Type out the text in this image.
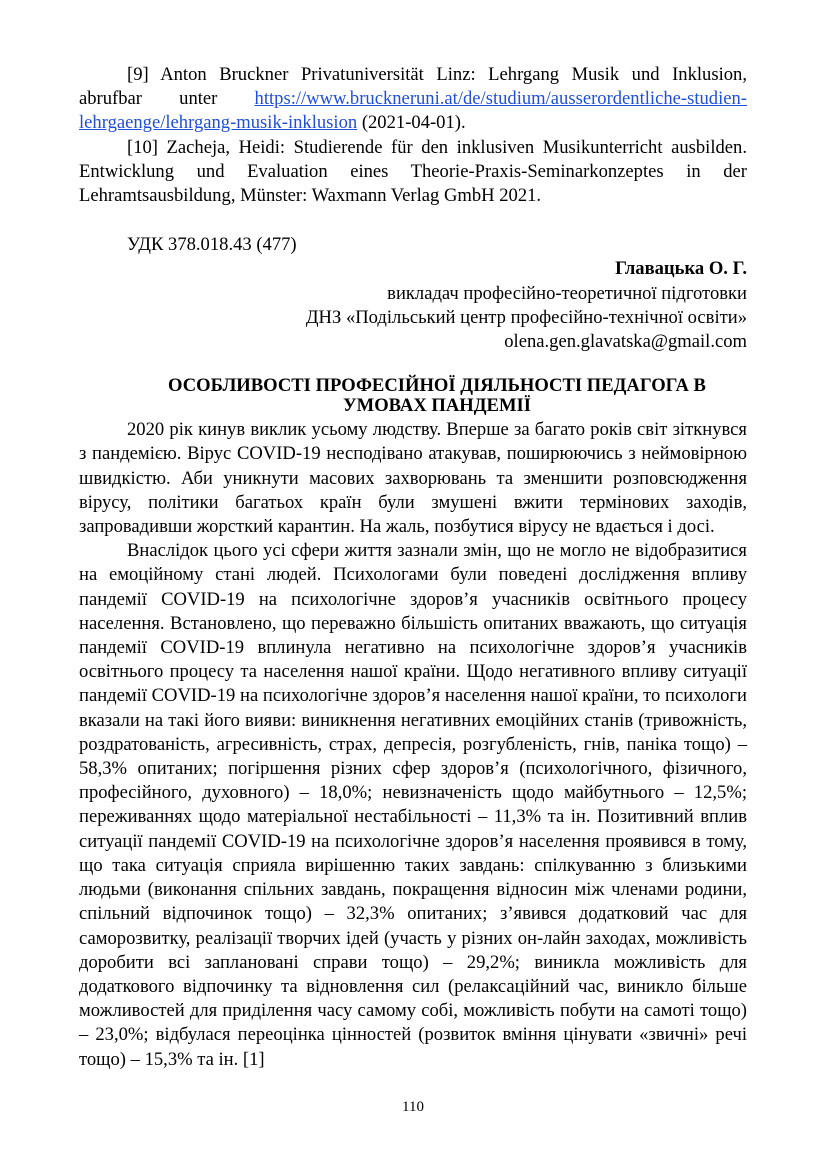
[9] Anton Bruckner Privatuniversität Linz: Lehrgang Musik und Inklusion, abrufbar unter https://www.bruckneruni.at/de/studium/ausserordentliche-studien-lehrgaenge/lehrgang-musik-inklusion (2021-04-01).

[10] Zacheja, Heidi: Studierende für den inklusiven Musikunterricht ausbilden. Entwicklung und Evaluation eines Theorie-Praxis-Seminarkonzeptes in der Lehramtsausbildung, Münster: Waxmann Verlag GmbH 2021.

УДК 378.018.43 (477)
Главацька О. Г.
викладач професійно-теоретичної підготовки
ДНЗ «Подільський центр професійно-технічної освіти»
olena.gen.glavatska@gmail.com
ОСОБЛИВОСТІ ПРОФЕСІЙНОЇ ДІЯЛЬНОСТІ ПЕДАГОГА В
УМОВАХ ПАНДЕМІЇ

2020 рік кинув виклик усьому людству. Вперше за багато років світ зіткнувся з пандемією. Вірус COVID-19 несподівано атакував, поширюючись з неймовірною швидкістю. Аби уникнути масових захворювань та зменшити розповсюдження вірусу, політики багатьох країн були змушені вжити термінових заходів, запровадивши жорсткий карантин. На жаль, позбутися вірусу не вдається і досі.

Внаслідок цього усі сфери життя зазнали змін, що не могло не відобразитися на емоційному стані людей. Психологами були поведені дослідження впливу пандемії COVID-19 на психологічне здоров’я учасників освітнього процесу населення. Встановлено, що переважно більшість опитаних вважають, що ситуація пандемії COVID-19 вплинула негативно на психологічне здоров’я учасників освітнього процесу та населення нашої країни. Щодо негативного впливу ситуації пандемії COVID-19 на психологічне здоров’я населення нашої країни, то психологи вказали на такі його вияви: виникнення негативних емоційних станів (тривожність, роздратованість, агресивність, страх, депресія, розгубленість, гнів, паніка тощо) – 58,3% опитаних; погіршення різних сфер здоров’я (психологічного, фізичного, професійного, духовного) – 18,0%; невизначеність щодо майбутнього – 12,5%; переживаннях щодо матеріальної нестабільності – 11,3% та ін. Позитивний вплив ситуації пандемії COVID-19 на психологічне здоров’я населення проявився в тому, що така ситуація сприяла вирішенню таких завдань: спілкуванню з близькими людьми (виконання спільних завдань, покращення відносин між членами родини, спільний відпочинок тощо) – 32,3% опитаних; з’явився додатковий час для саморозвитку, реалізації творчих ідей (участь у різних он-лайн заходах, можливість доробити всі заплановані справи тощо) – 29,2%; виникла можливість для додаткового відпочинку та відновлення сил (релаксаційний час, виникло більше можливостей для приділення часу самому собі, можливість побути на самоті тощо) – 23,0%; відбулася переоцінка цінностей (розвиток вміння цінувати «звичні» речі тощо) – 15,3% та ін. [1]

110
